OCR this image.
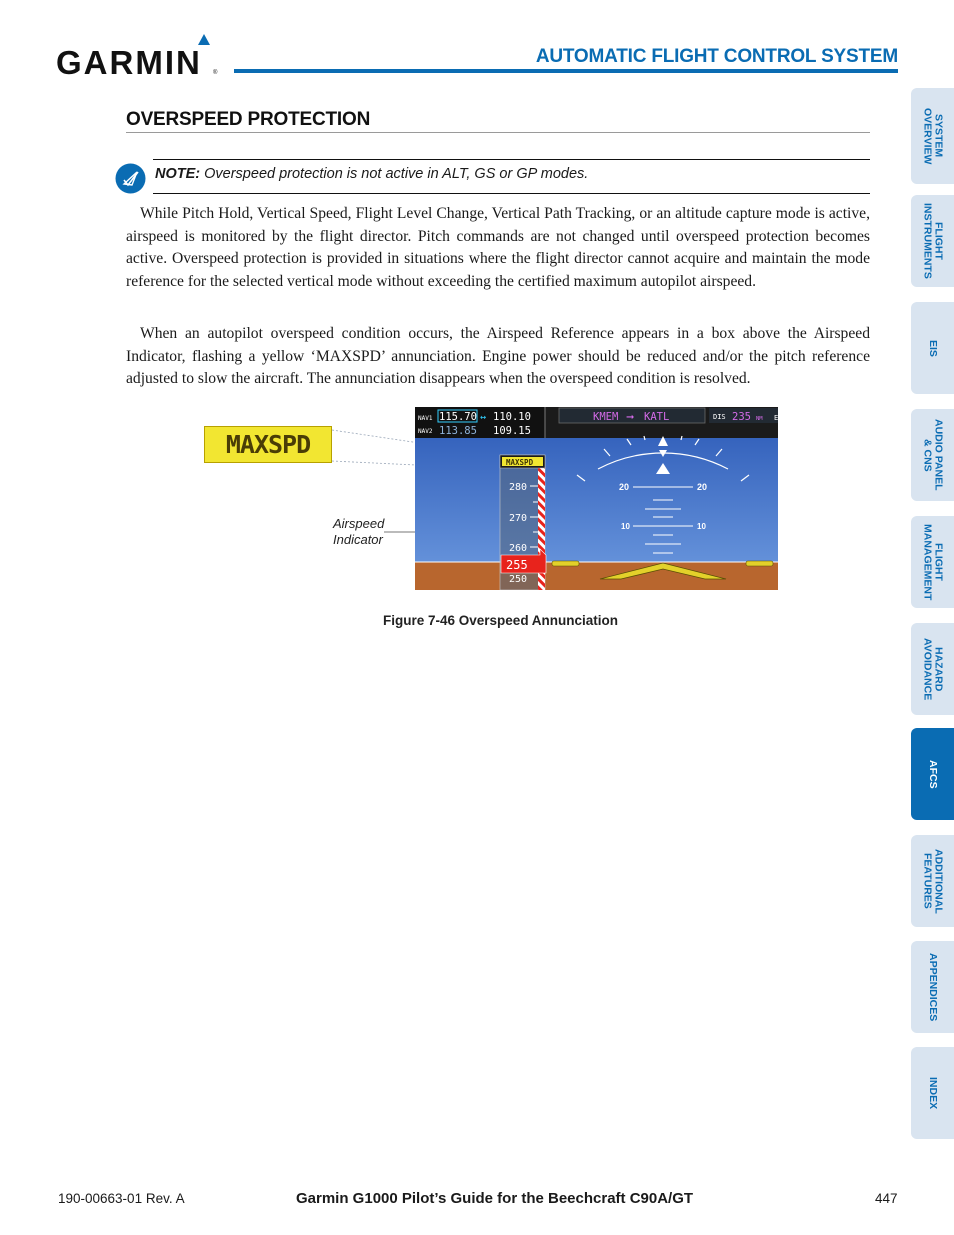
GARMIN ®
AUTOMATIC FLIGHT CONTROL SYSTEM
SYSTEM
OVERVIEW
FLIGHT
INSTRUMENTS
EIS
AUDIO PANEL
& CNS
FLIGHT
MANAGEMENT
HAZARD
AVOIDANCE
AFCS
ADDITIONAL
FEATURES
APPENDICES
INDEX
OVERSPEED PROTECTION
NOTE: Overspeed protection is not active in ALT, GS or GP modes.
While Pitch Hold, Vertical Speed, Flight Level Change, Vertical Path Tracking, or an altitude capture mode is active, airspeed is monitored by the flight director. Pitch commands are not changed until overspeed protection becomes active. Overspeed protection is provided in situations where the flight director cannot acquire and maintain the mode reference for the selected vertical mode without exceeding the certified maximum autopilot airspeed.
When an autopilot overspeed condition occurs, the Airspeed Reference appears in a box above the Airspeed Indicator, flashing a yellow ‘MAXSPD’ annunciation. Engine power should be reduced and/or the pitch reference adjusted to slow the aircraft. The annunciation disappears when the overspeed condition is resolved.
MAXSPD
Airspeed
Indicator
NAV1
NAV2
115.70 ↔ 110.10
113.85 109.15
KMEM ➞ KATL	DIS 235 NM E
20	20
10	10
280
270
260
250
MAXSPD
255
Figure 7-46 Overspeed Annunciation
190-00663-01 Rev. A	Garmin G1000 Pilot’s Guide for the Beechcraft C90A/GT	447
